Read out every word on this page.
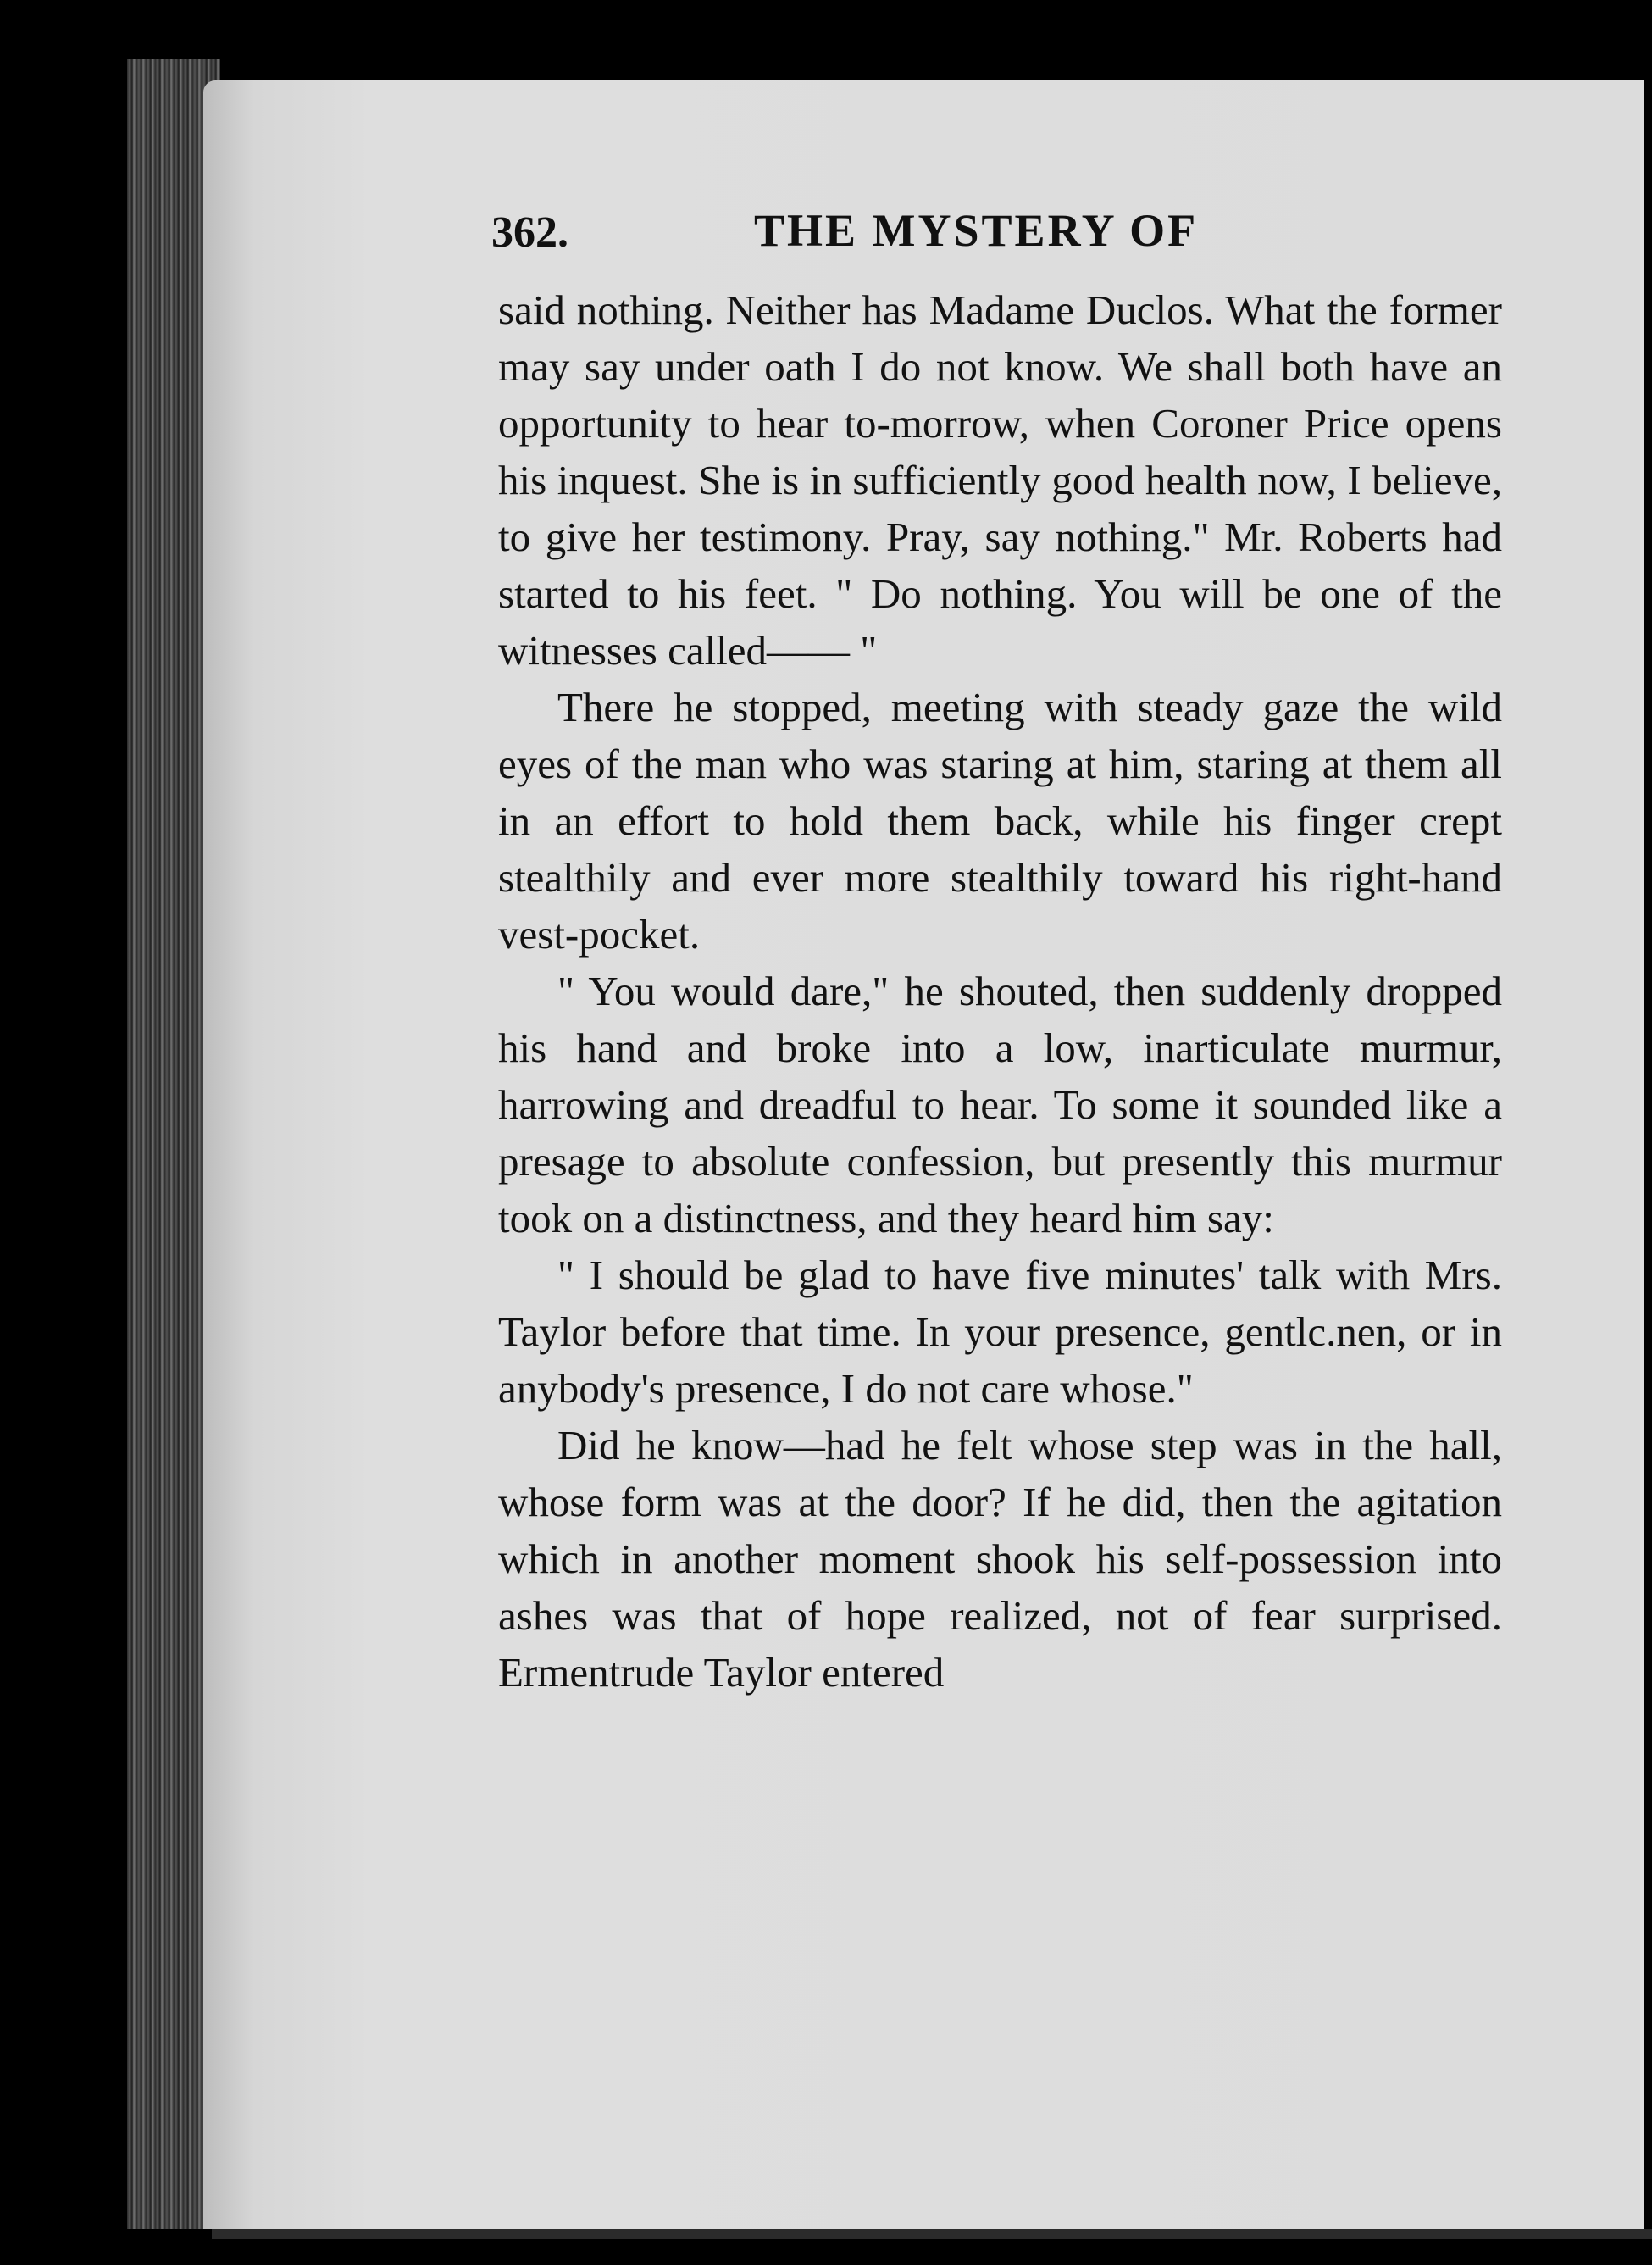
362.	THE MYSTERY OF

said nothing. Neither has Madame Duclos. What the former may say under oath I do not know. We shall both have an opportunity to hear to-morrow, when Coroner Price opens his inquest. She is in sufficiently good health now, I believe, to give her testimony. Pray, say nothing." Mr. Roberts had started to his feet. " Do nothing. You will be one of the witnesses called—— "

There he stopped, meeting with steady gaze the wild eyes of the man who was staring at him, staring at them all in an effort to hold them back, while his finger crept stealthily and ever more stealthily toward his right-hand vest-pocket.

" You would dare," he shouted, then suddenly dropped his hand and broke into a low, inarticulate murmur, harrowing and dreadful to hear. To some it sounded like a presage to absolute confession, but presently this murmur took on a distinctness, and they heard him say:

" I should be glad to have five minutes' talk with Mrs. Taylor before that time. In your presence, gentlc.nen, or in anybody's presence, I do not care whose."

Did he know—had he felt whose step was in the hall, whose form was at the door? If he did, then the agitation which in another moment shook his self-possession into ashes was that of hope realized, not of fear surprised. Ermentrude Taylor entered
